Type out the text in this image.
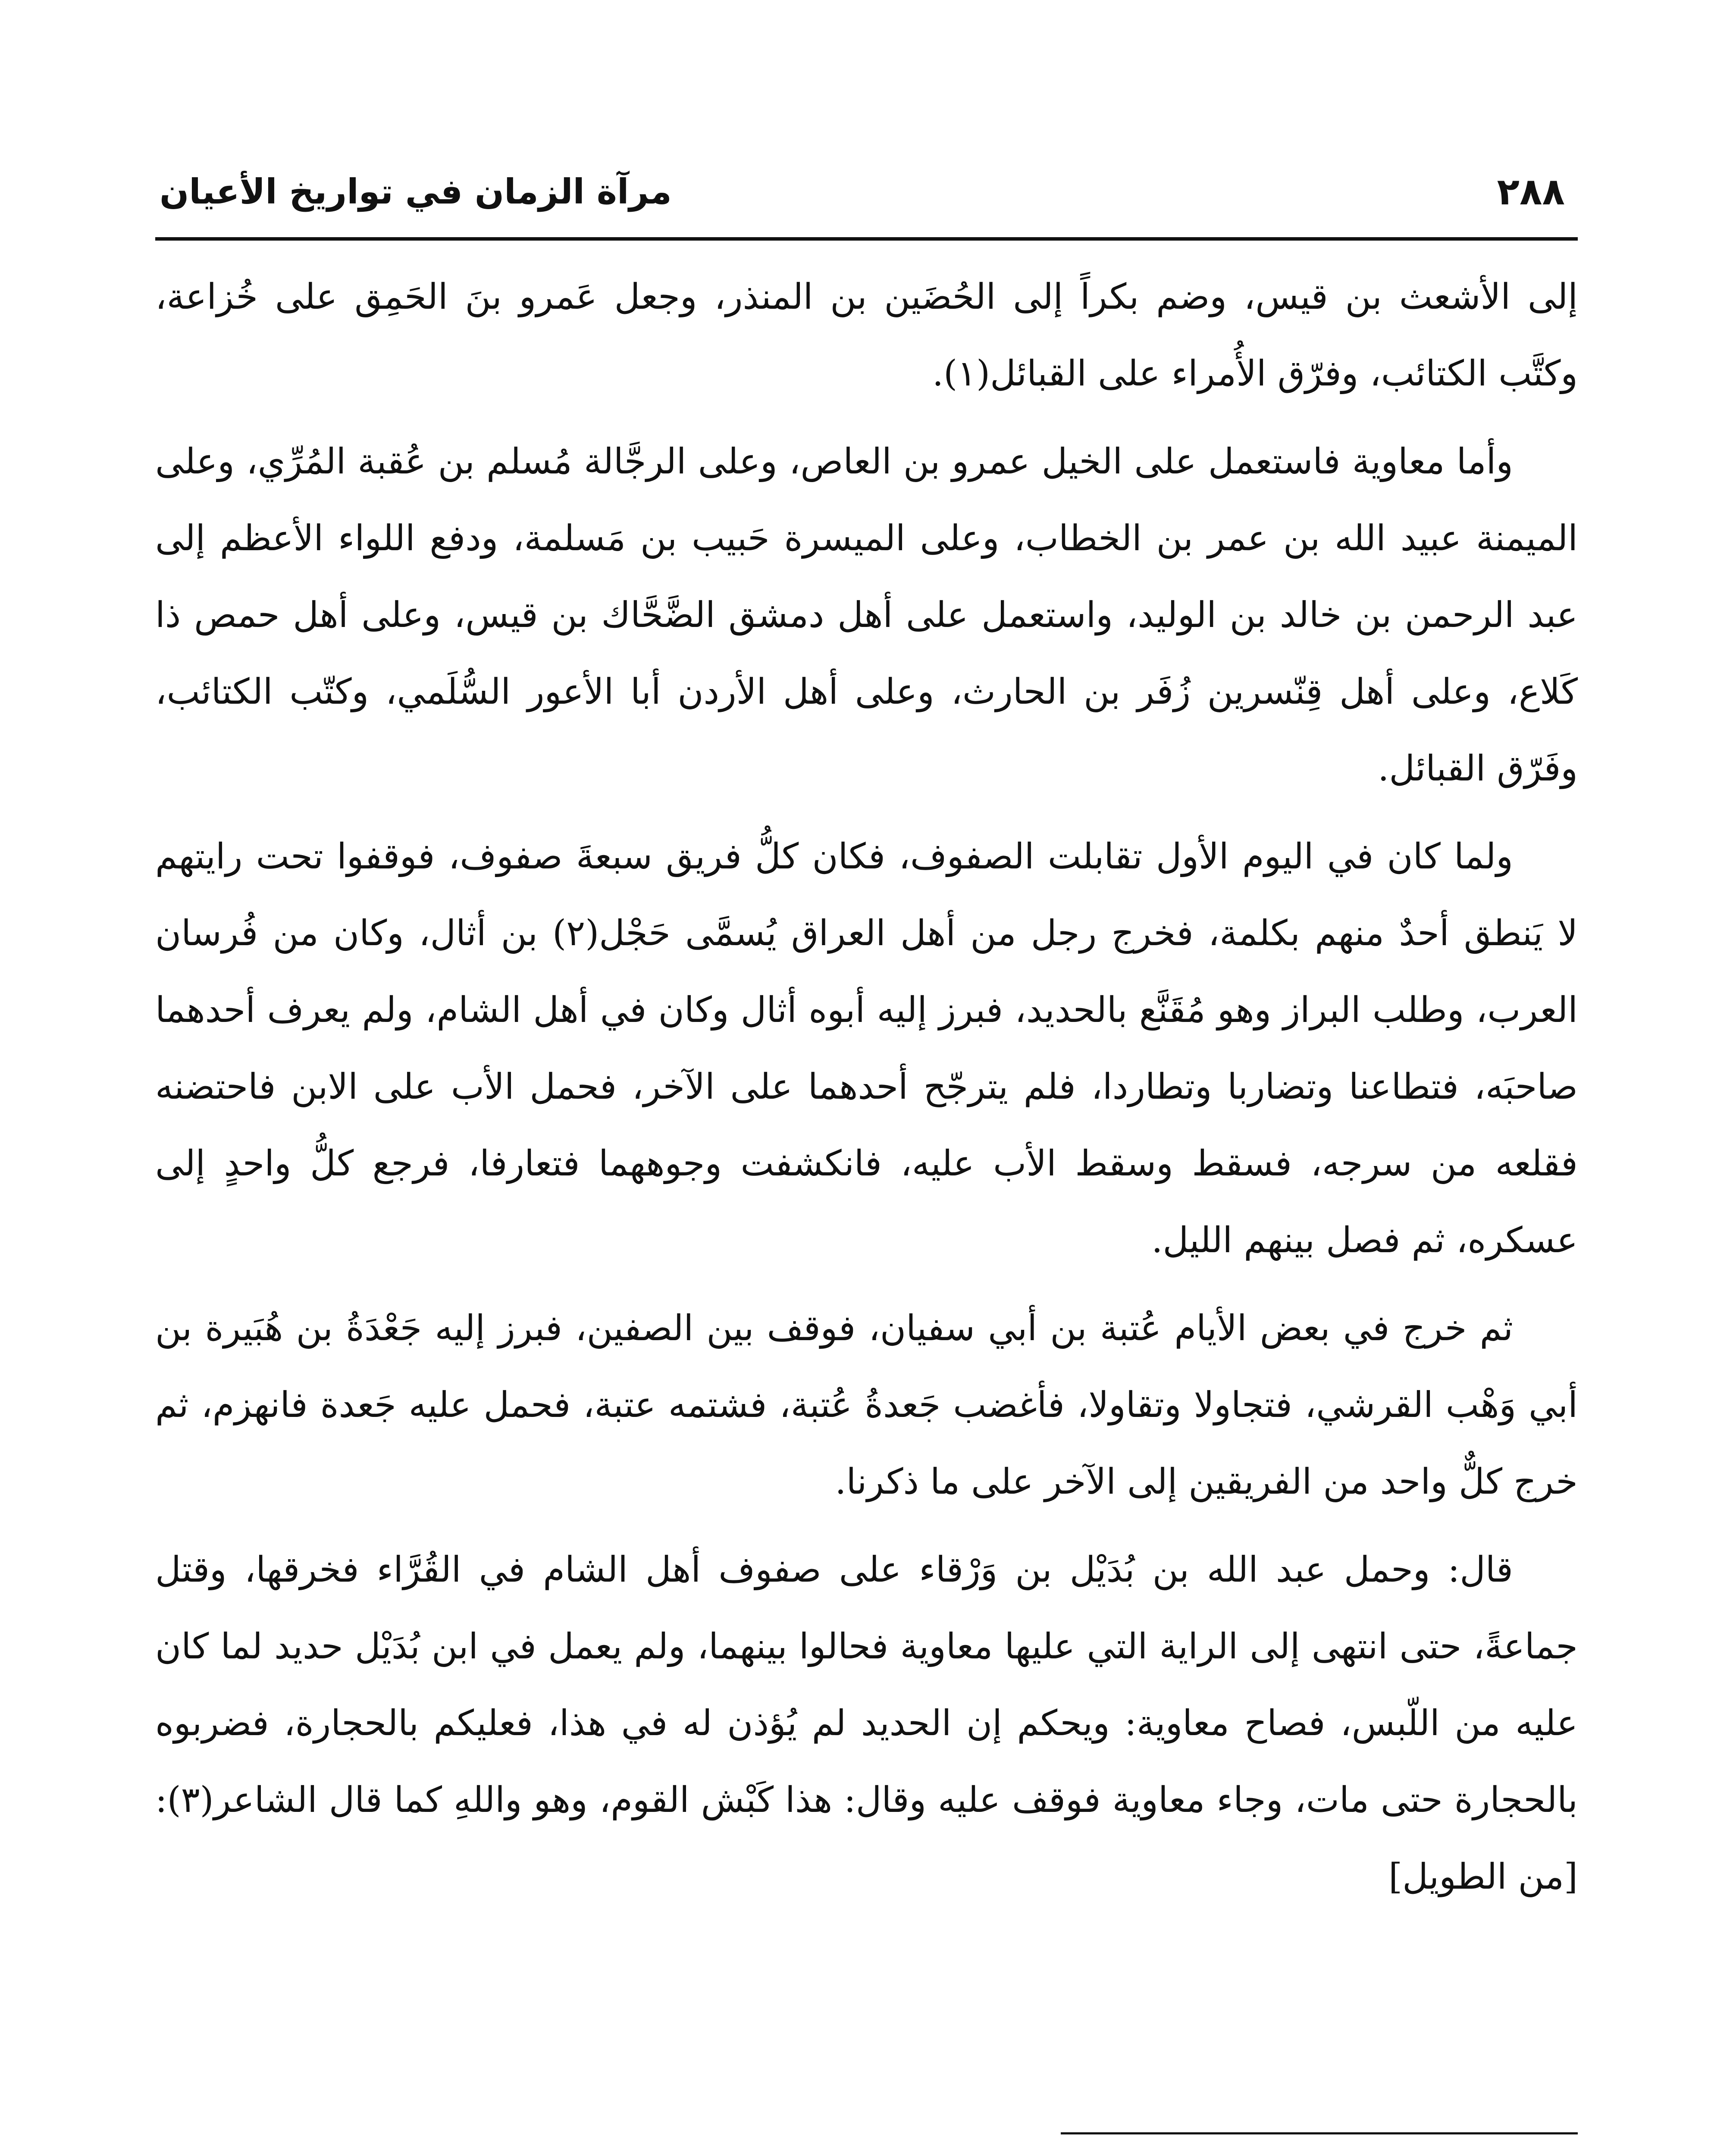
٢٨٨
مرآة الزمان في تواريخ الأعيان

إلى الأشعث بن قيس، وضم بكراً إلى الحُضَين بن المنذر، وجعل عَمرو بنَ الحَمِق على خُزاعة، وكتَّب الكتائب، وفرّق الأُمراء على القبائل(١).

وأما معاوية فاستعمل على الخيل عمرو بن العاص، وعلى الرجَّالة مُسلم بن عُقبة المُرِّي، وعلى الميمنة عبيد الله بن عمر بن الخطاب، وعلى الميسرة حَبيب بن مَسلمة، ودفع اللواء الأعظم إلى عبد الرحمن بن خالد بن الوليد، واستعمل على أهل دمشق الضَّحَّاك بن قيس، وعلى أهل حمص ذا كَلاع، وعلى أهل قِنّسرين زُفَر بن الحارث، وعلى أهل الأردن أبا الأعور السُّلَمي، وكتّب الكتائب، وفَرّق القبائل.

ولما كان في اليوم الأول تقابلت الصفوف، فكان كلُّ فريق سبعةَ صفوف، فوقفوا تحت رايتهم لا يَنطق أحدٌ منهم بكلمة، فخرج رجل من أهل العراق يُسمَّى حَجْل(٢) بن أثال، وكان من فُرسان العرب، وطلب البراز وهو مُقَنَّع بالحديد، فبرز إليه أبوه أثال وكان في أهل الشام، ولم يعرف أحدهما صاحبَه، فتطاعنا وتضاربا وتطاردا، فلم يترجّح أحدهما على الآخر، فحمل الأب على الابن فاحتضنه فقلعه من سرجه، فسقط وسقط الأب عليه، فانكشفت وجوههما فتعارفا، فرجع كلُّ واحدٍ إلى عسكره، ثم فصل بينهم الليل.

ثم خرج في بعض الأيام عُتبة بن أبي سفيان، فوقف بين الصفين، فبرز إليه جَعْدَةُ بن هُبَيرة بن أبي وَهْب القرشي، فتجاولا وتقاولا، فأغضب جَعدةُ عُتبة، فشتمه عتبة، فحمل عليه جَعدة فانهزم، ثم خرج كلٌّ واحد من الفريقين إلى الآخر على ما ذكرنا.

قال: وحمل عبد الله بن بُدَيْل بن وَرْقاء على صفوف أهل الشام في القُرَّاء فخرقها، وقتل جماعةً، حتى انتهى إلى الراية التي عليها معاوية فحالوا بينهما، ولم يعمل في ابن بُدَيْل حديد لما كان عليه من اللّبس، فصاح معاوية: ويحكم إن الحديد لم يُؤذن له في هذا، فعليكم بالحجارة، فضربوه بالحجارة حتى مات، وجاء معاوية فوقف عليه وقال: هذا كَبْش القوم، وهو واللهِ كما قال الشاعر(٣): [من الطويل]
